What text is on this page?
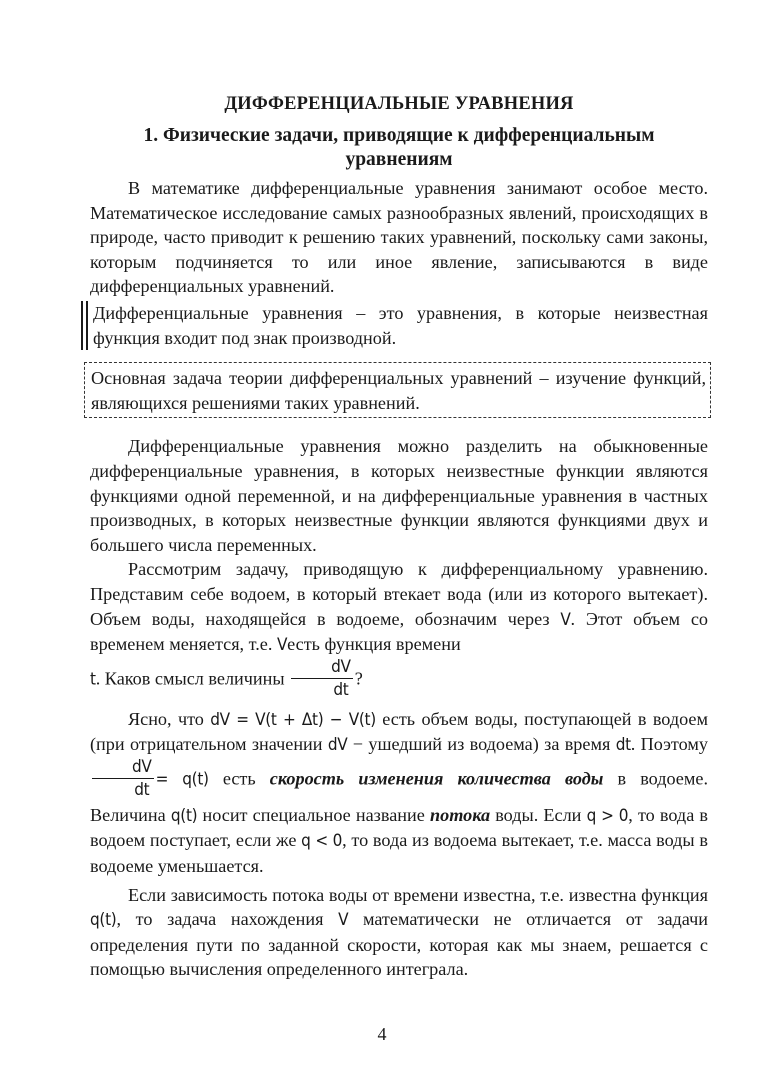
ДИФФЕРЕНЦИАЛЬНЫЕ УРАВНЕНИЯ
1. Физические задачи, приводящие к дифференциальным уравнениям

В математике дифференциальные уравнения занимают особое место. Математическое исследование самых разнообразных явлений, происходящих в природе, часто приводит к решению таких уравнений, поскольку сами законы, которым подчиняется то или иное явление, записываются в виде дифференциальных уравнений.

Дифференциальные уравнения – это уравнения, в которые неизвестная функция входит под знак производной.

Основная задача теории дифференциальных уравнений – изучение функций, являющихся решениями таких уравнений.

Дифференциальные уравнения можно разделить на обыкновенные дифференциальные уравнения, в которых неизвестные функции являются функциями одной переменной, и на дифференциальные уравнения в частных производных, в которых неизвестные функции являются функциями двух и большего числа переменных.

Рассмотрим задачу, приводящую к дифференциальному уравнению. Представим себе водоем, в который втекает вода (или из которого вытекает). Объем воды, находящейся в водоеме, обозначим через V. Этот объем со временем меняется, т.е. Vесть функция времени
t. Каков смысл величины $\frac{dV}{dt}$ ?

Ясно, что dV = V(t + Δt) − V(t) есть объем воды, поступающей в водоем (при отрицательном значении dV − ушедший из водоема) за время dt. Поэтому
$\frac{dV}{dt} = q(t)$ есть скорость изменения количества воды в водоеме. Величина q(t) носит специальное название потока воды. Если q > 0, то вода в водоем поступает, если же q < 0, то вода из водоема вытекает, т.е. масса воды в водоеме уменьшается.

Если зависимость потока воды от времени известна, т.е. известна функция q(t), то задача нахождения V математически не отличается от задачи определения пути по заданной скорости, которая как мы знаем, решается с помощью вычисления определенного интеграла.

4
